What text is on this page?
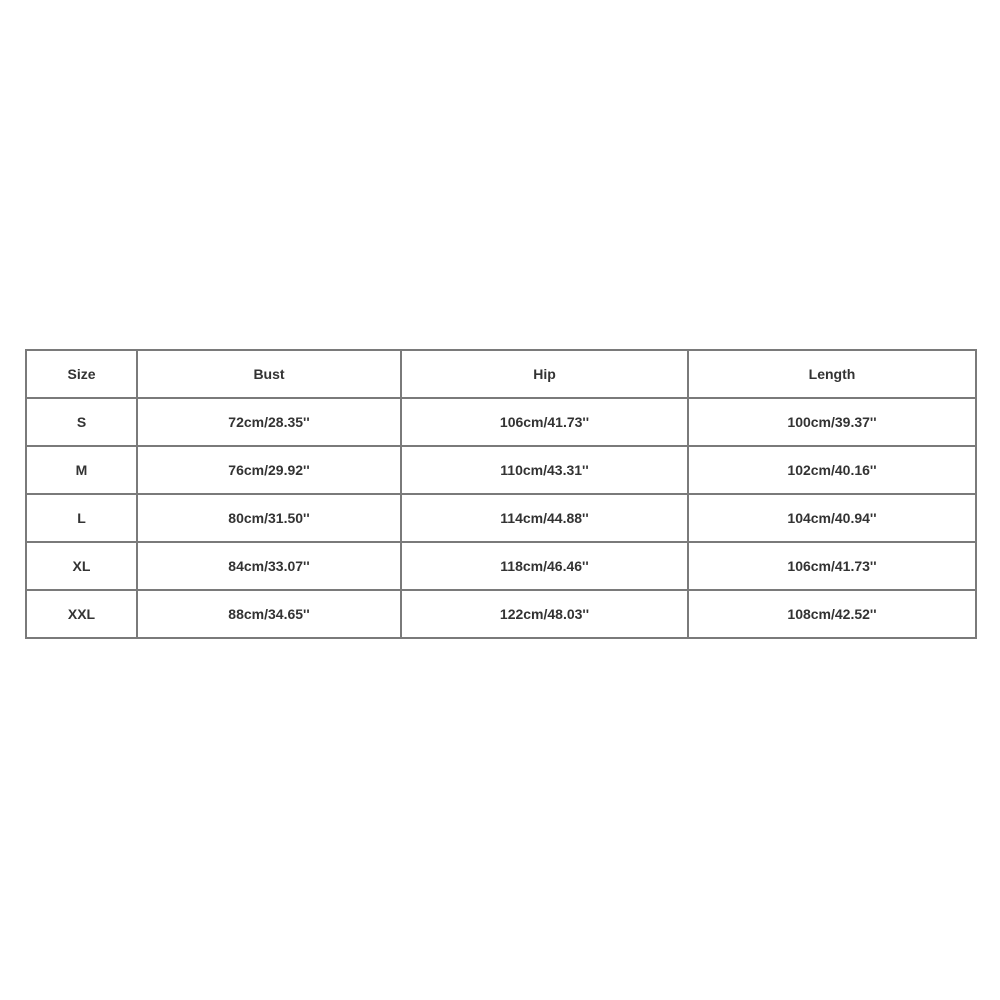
Size	Bust	Hip	Length
S	72cm/28.35''	106cm/41.73''	100cm/39.37''
M	76cm/29.92''	110cm/43.31''	102cm/40.16''
L	80cm/31.50''	114cm/44.88''	104cm/40.94''
XL	84cm/33.07''	118cm/46.46''	106cm/41.73''
XXL	88cm/34.65''	122cm/48.03''	108cm/42.52''
